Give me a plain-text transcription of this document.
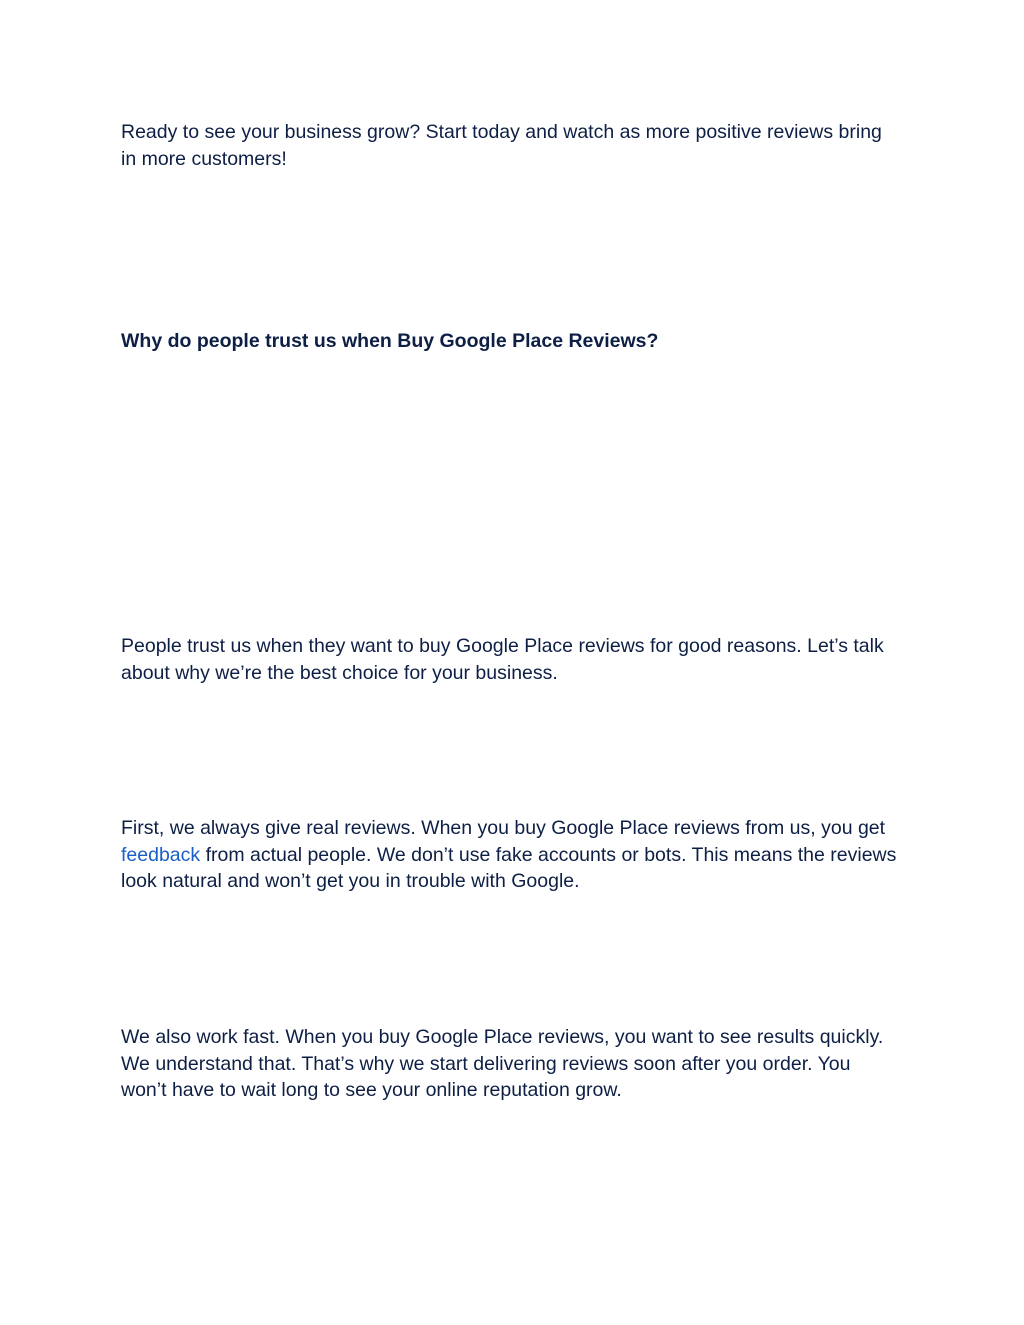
Ready to see your business grow? Start today and watch as more positive reviews bring in more customers!

Why do people trust us when Buy Google Place Reviews?

People trust us when they want to buy Google Place reviews for good reasons. Let’s talk about why we’re the best choice for your business.

First, we always give real reviews. When you buy Google Place reviews from us, you get feedback from actual people. We don’t use fake accounts or bots. This means the reviews look natural and won’t get you in trouble with Google.

We also work fast. When you buy Google Place reviews, you want to see results quickly. We understand that. That’s why we start delivering reviews soon after you order. You won’t have to wait long to see your online reputation grow.
